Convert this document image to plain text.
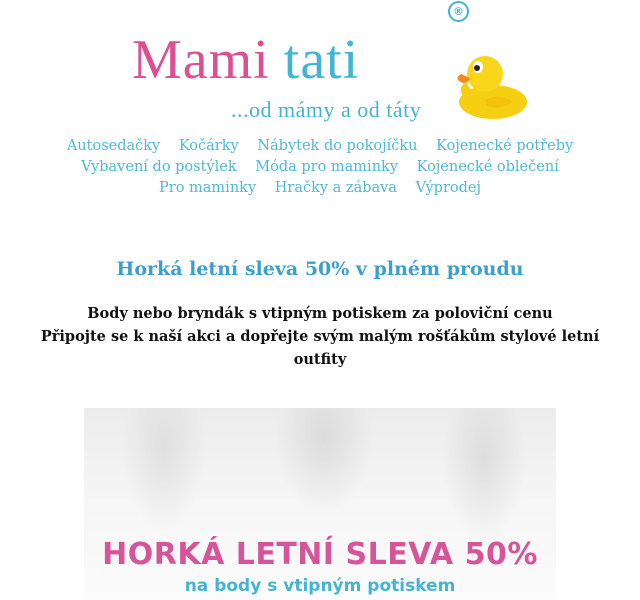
Mami tati
...od mámy a od táty
®
Autosedačky Kočárky Nábytek do pokojíčku Kojenecké potřeby
Vybavení do postýlek Móda pro maminky Kojenecké oblečení
Pro maminky Hračky a zábava Výprodej
Horká letní sleva 50% v plném proudu
Body nebo bryndák s vtipným potiskem za poloviční cenu
Připojte se k naší akci a dopřejte svým malým rošťákům stylové letní outfity
HORKÁ LETNÍ SLEVA 50%
na body s vtipným potiskem
